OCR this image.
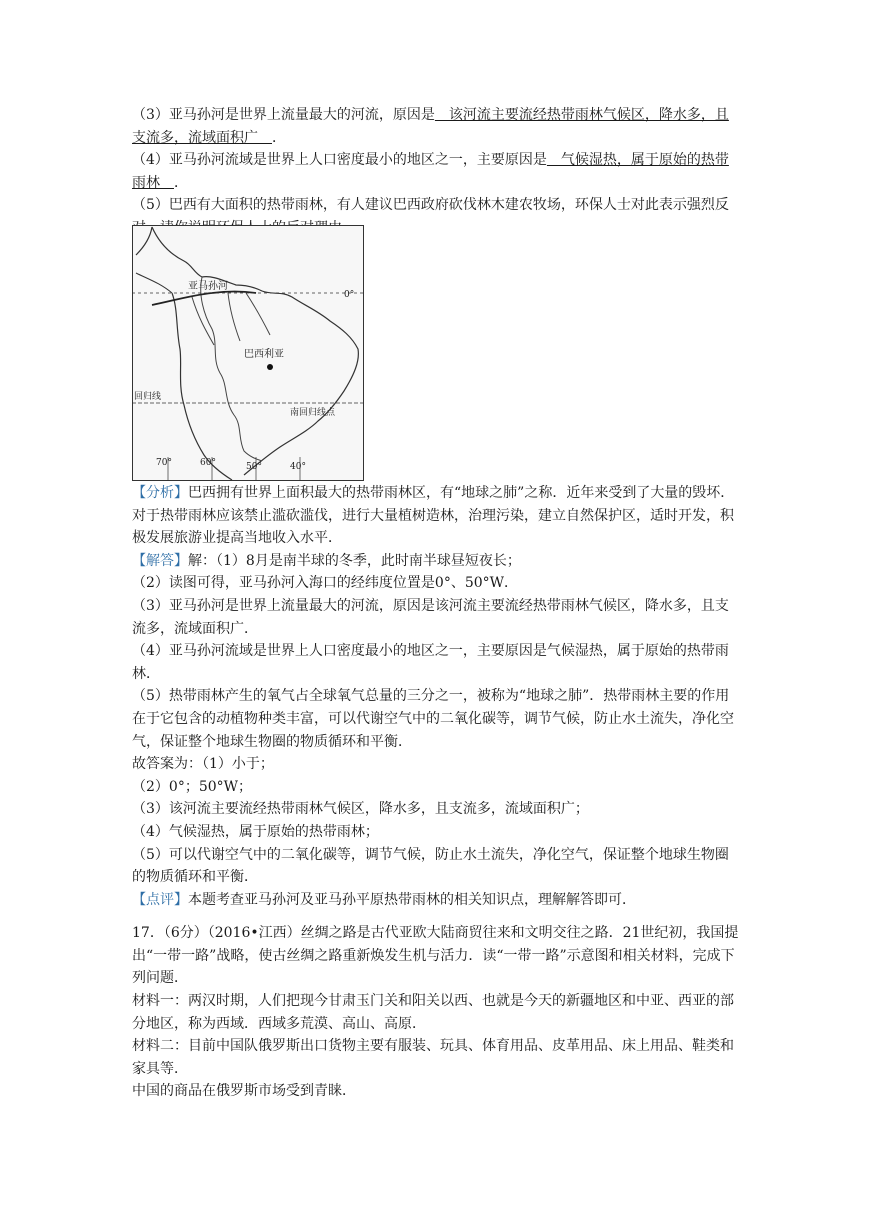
（3）亚马孙河是世界上流量最大的河流，原因是　该河流主要流经热带雨林气候区，降水多，且支流多，流域面积广　．

（4）亚马孙河流域是世界上人口密度最小的地区之一，主要原因是　气候湿热，属于原始的热带雨林　．

（5）巴西有大面积的热带雨林，有人建议巴西政府砍伐林木建农牧场，环保人士对此表示强烈反

0°
亚马孙河
巴西利亚
回归线
南回归线点
70°	60°	50°	40°

【分析】巴西拥有世界上面积最大的热带雨林区，有“地球之肺”之称．近年来受到了大量的毁坏．对于热带雨林应该禁止滥砍滥伐，进行大量植树造林，治理污染，建立自然保护区，适时开发，积极发展旅游业提高当地收入水平．

【解答】解：（1）8月是南半球的冬季，此时南半球昼短夜长；

（2）读图可得，亚马孙河入海口的经纬度位置是0°、50°W．

（3）亚马孙河是世界上流量最大的河流，原因是该河流主要流经热带雨林气候区，降水多，且支流多，流域面积广．

（4）亚马孙河流域是世界上人口密度最小的地区之一，主要原因是气候湿热，属于原始的热带雨林．

（5）热带雨林产生的氧气占全球氧气总量的三分之一，被称为“地球之肺”．热带雨林主要的作用在于它包含的动植物种类丰富，可以代谢空气中的二氧化碳等，调节气候，防止水土流失，净化空气，保证整个地球生物圈的物质循环和平衡．

故答案为：（1）小于；

（2）0°；50°W；

（3）该河流主要流经热带雨林气候区，降水多，且支流多，流域面积广；

（4）气候湿热，属于原始的热带雨林；

（5）可以代谢空气中的二氧化碳等，调节气候，防止水土流失，净化空气，保证整个地球生物圈的物质循环和平衡．

【点评】本题考查亚马孙河及亚马孙平原热带雨林的相关知识点，理解解答即可．

17．（6分）（2016•江西）丝绸之路是古代亚欧大陆商贸往来和文明交往之路．21世纪初，我国提出“一带一路”战略，使古丝绸之路重新焕发生机与活力．读“一带一路”示意图和相关材料，完成下列问题．

材料一：两汉时期，人们把现今甘肃玉门关和阳关以西、也就是今天的新疆地区和中亚、西亚的部分地区，称为西域．西域多荒漠、高山、高原．

材料二：目前中国队俄罗斯出口货物主要有服装、玩具、体育用品、皮革用品、床上用品、鞋类和家具等．

中国的商品在俄罗斯市场受到青睐．
